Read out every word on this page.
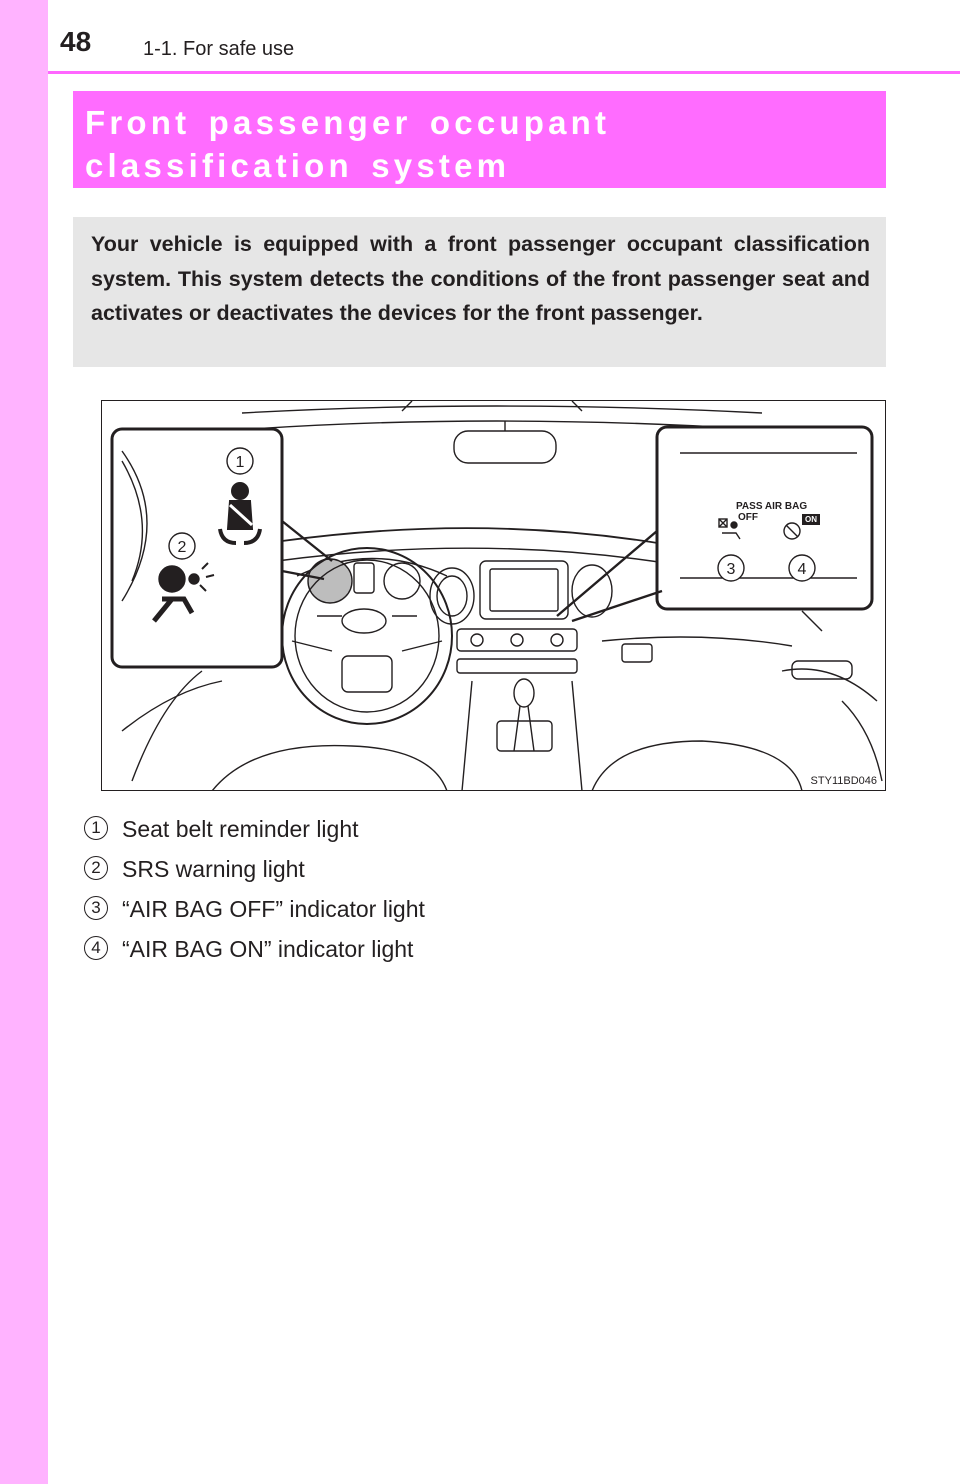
48	1-1. For safe use
Front passenger occupant classification system

Your vehicle is equipped with a front passenger occupant classification system. This system detects the conditions of the front passenger seat and activates or deactivates the devices for the front passenger.

1
2
3	4
PASS AIR BAG
OFF	ON
STY11BD046
1 Seat belt reminder light
2 SRS warning light
3 “AIR BAG OFF” indicator light
4 “AIR BAG ON” indicator light
